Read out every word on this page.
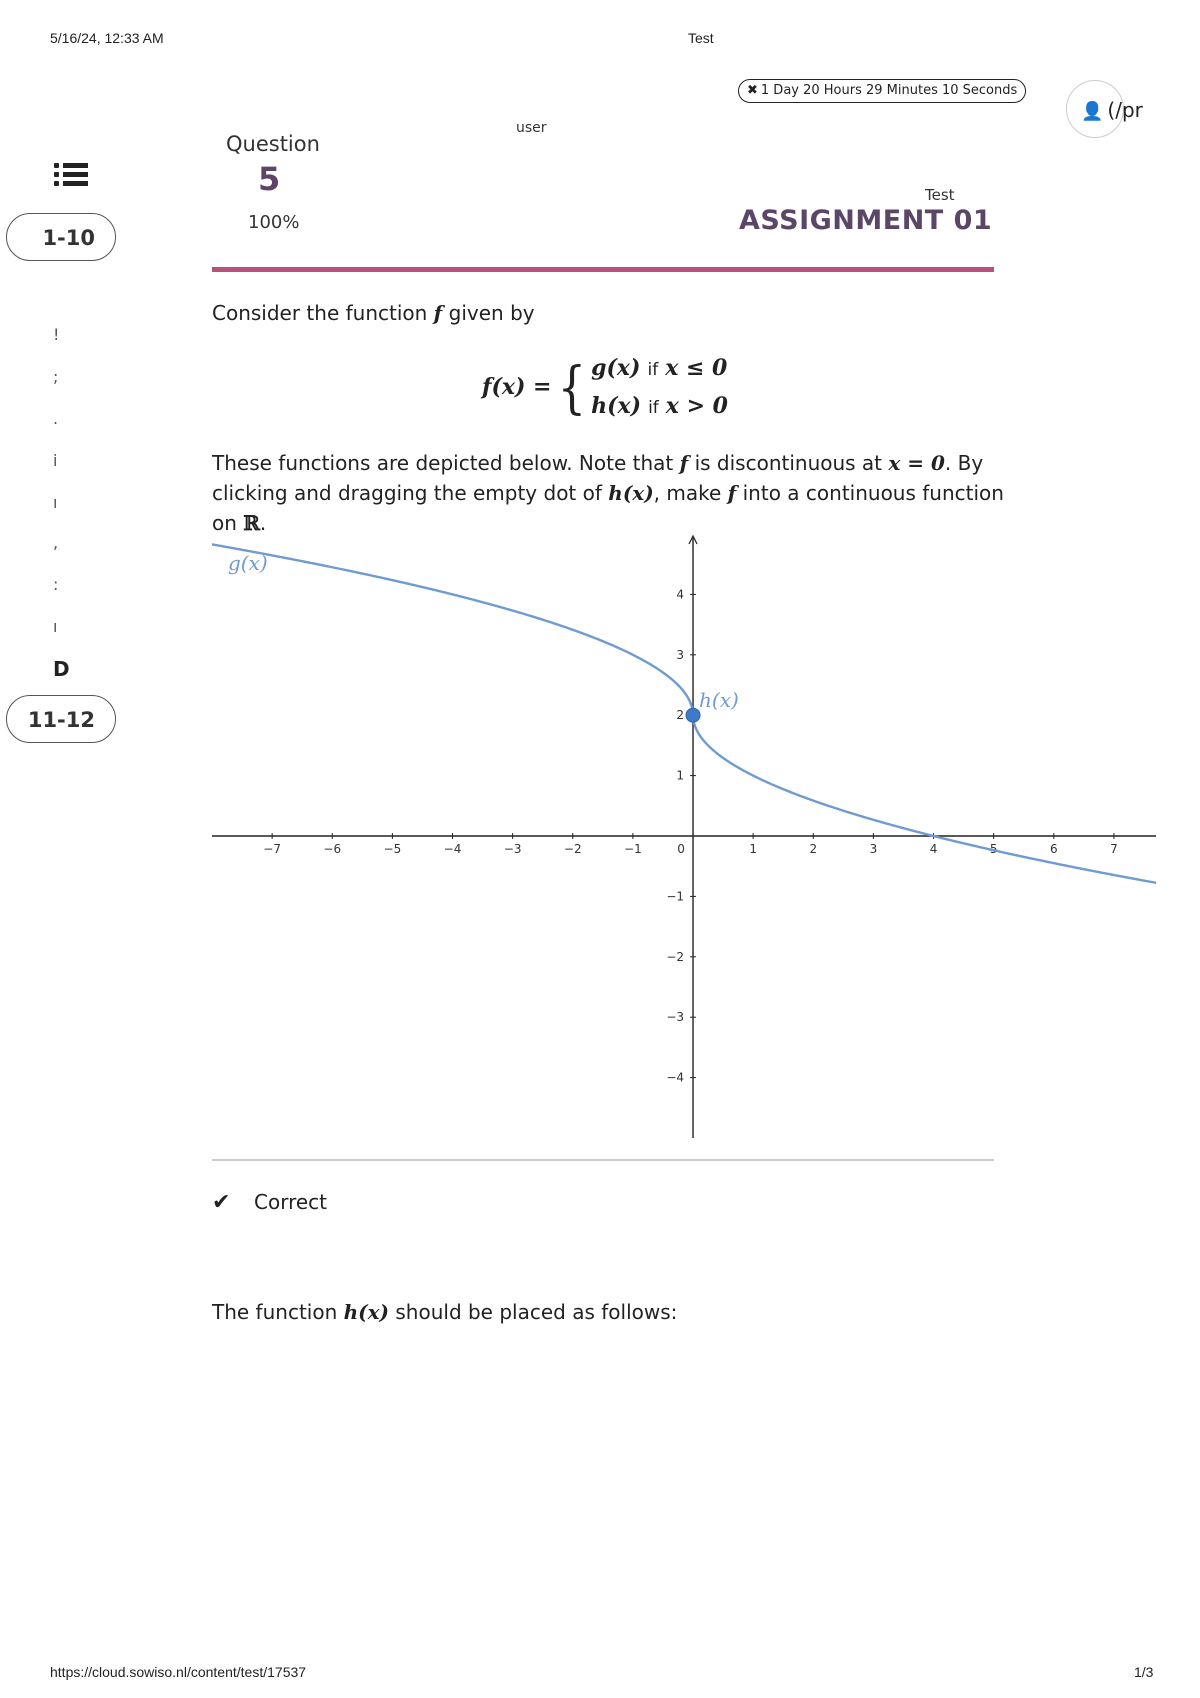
5/16/24, 12:33 AM	Test
✖ 1 Day 20 Hours 29 Minutes 10 Seconds
👤 (/pr
user
1-10
!
;
.
i
ı
,
:
ı
D
11-12
Question
5
100%
Test
ASSIGNMENT 01
Consider the function f given by
f(x) ={ g(x) if x ≤ 0
h(x) if x > 0
These functions are depicted below. Note that f is discontinuous at x = 0. By clicking and dragging the empty dot of h(x), make f into a continuous function on ℝ.
−7	−6	−5	−4	−3	−2	−1	0	1	2	3	4	5	6	7
−4
−3
−2
−1
1
2
3
4
g(x)
h(x)
✔ Correct
The function h(x) should be placed as follows:
https://cloud.sowiso.nl/content/test/17537	1/3
